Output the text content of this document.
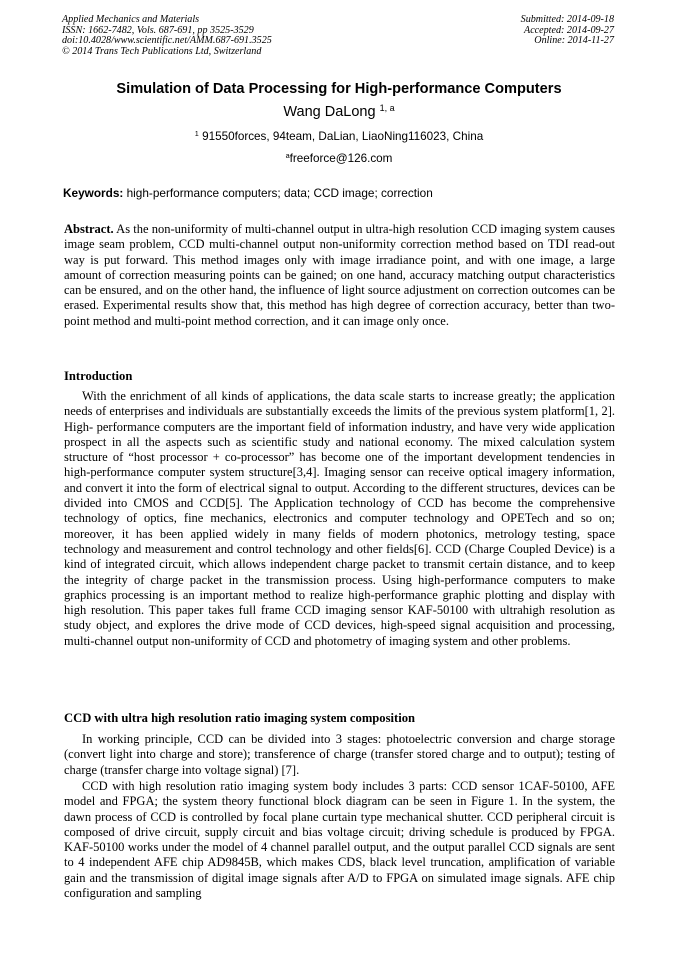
Applied Mechanics and Materials
ISSN: 1662-7482, Vols. 687-691, pp 3525-3529
doi:10.4028/www.scientific.net/AMM.687-691.3525
© 2014 Trans Tech Publications Ltd, Switzerland
Submitted: 2014-09-18
Accepted: 2014-09-27
Online: 2014-11-27
Simulation of Data Processing for High-performance Computers
Wang DaLong $^{1, a}$
$^1$ 91550forces, 94team, DaLian, LiaoNing116023, China
$^a$freeforce@126.com
Keywords: high-performance computers; data; CCD image; correction
Abstract. As the non-uniformity of multi-channel output in ultra-high resolution CCD imaging system causes image seam problem, CCD multi-channel output non-uniformity correction method based on TDI read-out way is put forward. This method images only with image irradiance point, and with one image, a large amount of correction measuring points can be gained; on one hand, accuracy matching output characteristics can be ensured, and on the other hand, the influence of light source adjustment on correction outcomes can be erased. Experimental results show that, this method has high degree of correction accuracy, better than two-point method and multi-point method correction, and it can image only once.
Introduction
With the enrichment of all kinds of applications, the data scale starts to increase greatly; the application needs of enterprises and individuals are substantially exceeds the limits of the previous system platform[1, 2]. High- performance computers are the important field of information industry, and have very wide application prospect in all the aspects such as scientific study and national economy. The mixed calculation system structure of “host processor + co-processor” has become one of the important development tendencies in high-performance computer system structure[3,4]. Imaging sensor can receive optical imagery information, and convert it into the form of electrical signal to output. According to the different structures, devices can be divided into CMOS and CCD[5]. The Application technology of CCD has become the comprehensive technology of optics, fine mechanics, electronics and computer technology and OPETech and so on; moreover, it has been applied widely in many fields of modern photonics, metrology testing, space technology and measurement and control technology and other fields[6]. CCD (Charge Coupled Device) is a kind of integrated circuit, which allows independent charge packet to transmit certain distance, and to keep the integrity of charge packet in the transmission process. Using high-performance computers to make graphics processing is an important method to realize high-performance graphic plotting and display with high resolution. This paper takes full frame CCD imaging sensor KAF-50100 with ultrahigh resolution as study object, and explores the drive mode of CCD devices, high-speed signal acquisition and processing, multi-channel output non-uniformity of CCD and photometry of imaging system and other problems.
CCD with ultra high resolution ratio imaging system composition
In working principle, CCD can be divided into 3 stages: photoelectric conversion and charge storage (convert light into charge and store); transference of charge (transfer stored charge and to output); testing of charge (transfer charge into voltage signal) [7].
CCD with high resolution ratio imaging system body includes 3 parts: CCD sensor 1CAF-50100, AFE model and FPGA; the system theory functional block diagram can be seen in Figure 1. In the system, the dawn process of CCD is controlled by focal plane curtain type mechanical shutter. CCD peripheral circuit is composed of drive circuit, supply circuit and bias voltage circuit; driving schedule is produced by FPGA. KAF-50100 works under the model of 4 channel parallel output, and the output parallel CCD signals are sent to 4 independent AFE chip AD9845B, which makes CDS, black level truncation, amplification of variable gain and the transmission of digital image signals after A/D to FPGA on simulated image signals. AFE chip configuration and sampling
